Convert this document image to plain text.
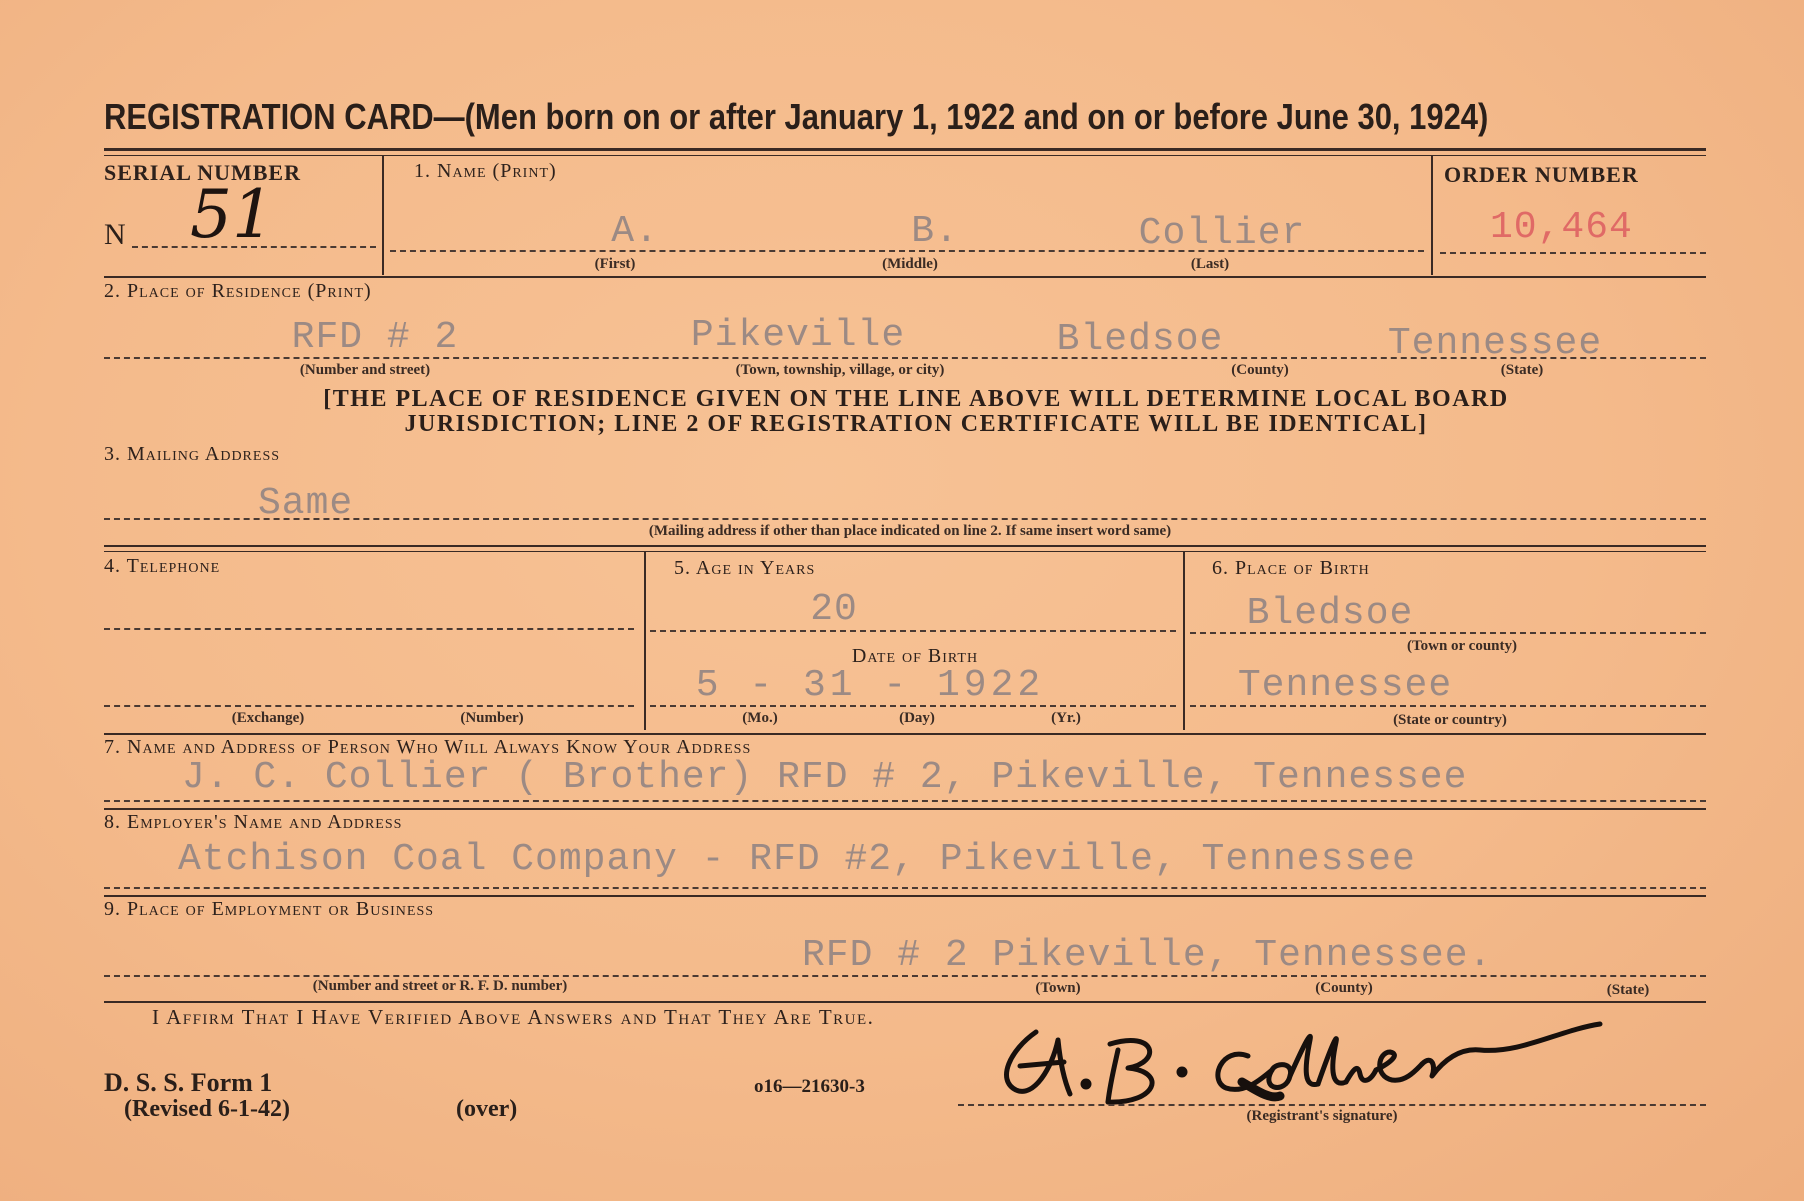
REGISTRATION CARD—(Men born on or after January 1, 1922 and on or before June 30, 1924)
SERIAL NUMBER
N 51
1. Name (Print)
A.	B.	Collier
(First)	(Middle)	(Last)
ORDER NUMBER
10,464
2. Place of Residence (Print)
RFD # 2	Pikeville	Bledsoe	Tennessee
(Number and street)	(Town, township, village, or city)	(County)	(State)
[THE PLACE OF RESIDENCE GIVEN ON THE LINE ABOVE WILL DETERMINE LOCAL BOARD
JURISDICTION; LINE 2 OF REGISTRATION CERTIFICATE WILL BE IDENTICAL]
3. Mailing Address
Same
(Mailing address if other than place indicated on line 2. If same insert word same)
4. Telephone
(Exchange)	(Number)
5. Age in Years
20
Date of Birth
5 - 31 - 1922
(Mo.)	(Day)	(Yr.)
6. Place of Birth
Bledsoe
(Town or county)
Tennessee
(State or country)
7. Name and Address of Person Who Will Always Know Your Address
J. C. Collier ( Brother) RFD # 2, Pikeville, Tennessee
8. Employer's Name and Address
Atchison Coal Company - RFD #2, Pikeville, Tennessee
9. Place of Employment or Business
RFD # 2 Pikeville, Tennessee.
(Number and street or R. F. D. number)	(Town)	(County)	(State)
I Affirm That I Have Verified Above Answers and That They Are True.
D. S. S. Form 1
(Revised 6-1-42)	(over)
o16—21630-3
(Registrant's signature)
